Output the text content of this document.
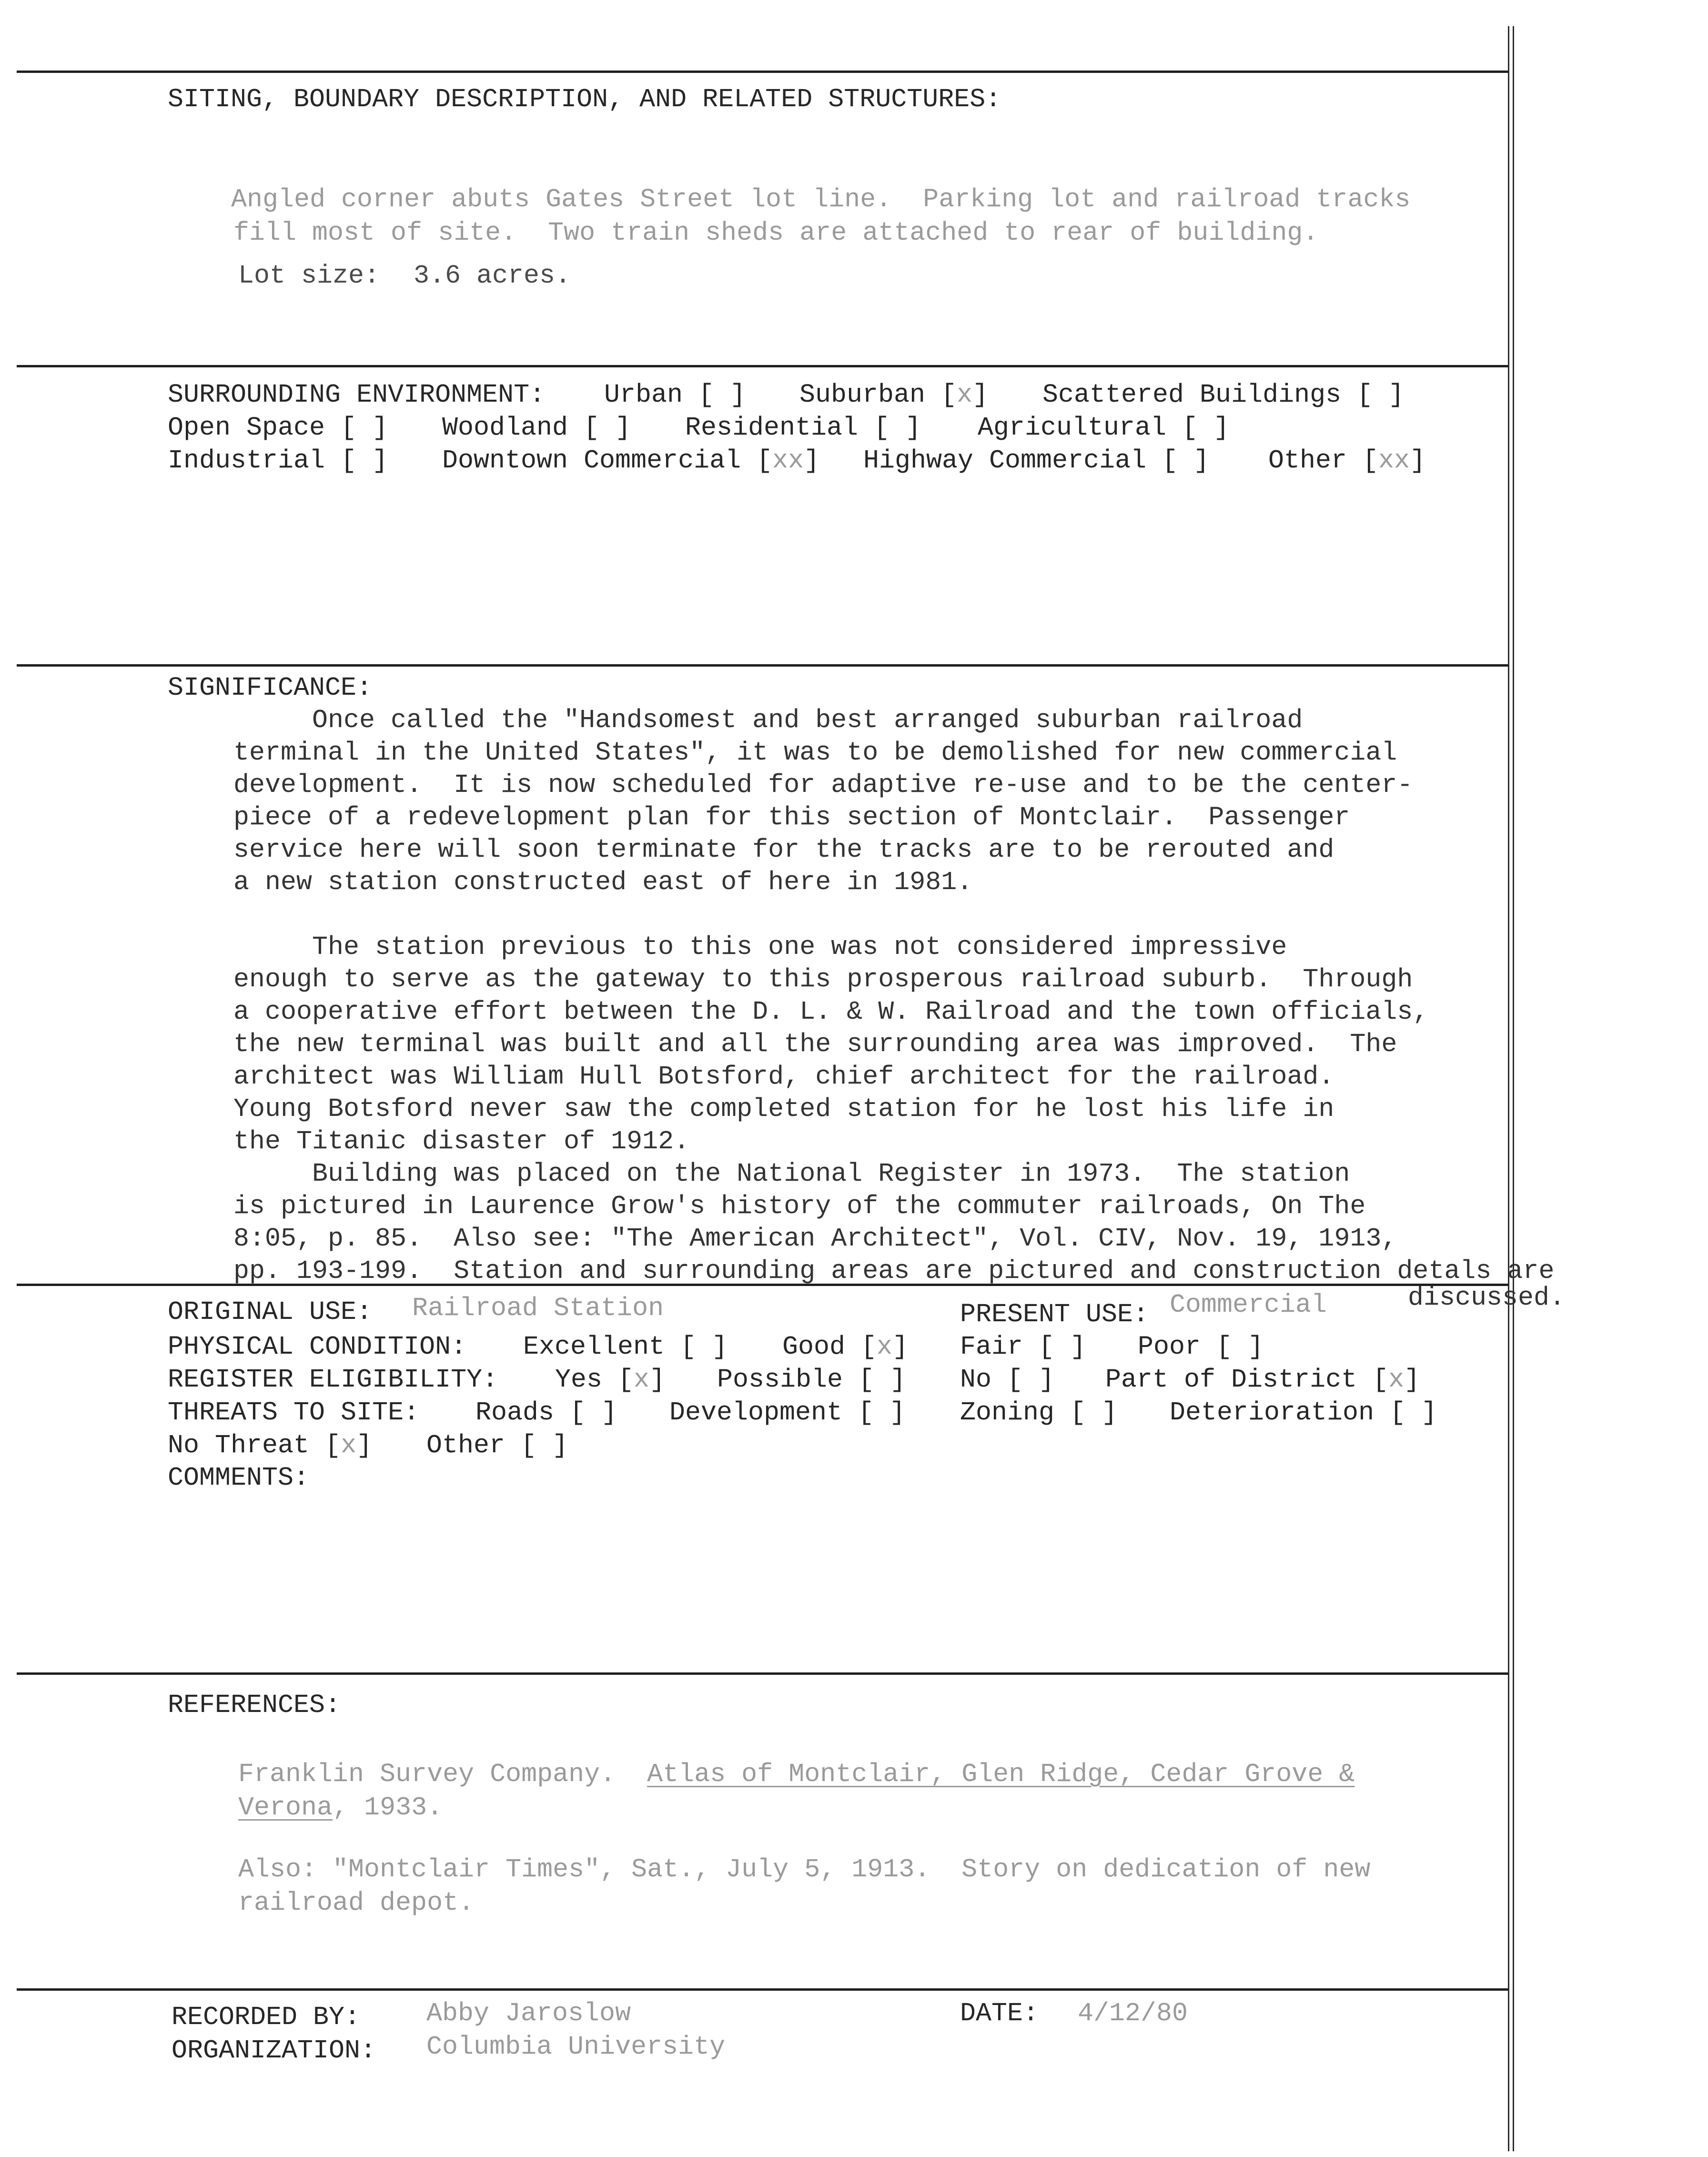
SITING, BOUNDARY DESCRIPTION, AND RELATED STRUCTURES:
Angled corner abuts Gates Street lot line.  Parking lot and railroad tracks
fill most of site.  Two train sheds are attached to rear of building.
Lot size: 3.6 acres.
SURROUNDING ENVIRONMENT: Urban [ ] Suburban [x] Scattered Buildings [ ]
Open Space [ ] Woodland [ ] Residential [ ] Agricultural [ ]
Industrial [ ] Downtown Commercial [xx] Highway Commercial [ ] Other [xx]
SIGNIFICANCE:
Once called the "Handsomest and best arranged suburban railroad
terminal in the United States", it was to be demolished for new commercial
development.  It is now scheduled for adaptive re-use and to be the center-
piece of a redevelopment plan for this section of Montclair.  Passenger
service here will soon terminate for the tracks are to be rerouted and
a new station constructed east of here in 1981.
The station previous to this one was not considered impressive
enough to serve as the gateway to this prosperous railroad suburb.  Through
a cooperative effort between the D. L. & W. Railroad and the town officials,
the new terminal was built and all the surrounding area was improved.  The
architect was William Hull Botsford, chief architect for the railroad.
Young Botsford never saw the completed station for he lost his life in
the Titanic disaster of 1912.
Building was placed on the National Register in 1973.  The station
is pictured in Laurence Grow's history of the commuter railroads, On The
8:05, p. 85.  Also see: "The American Architect", Vol. CIV, Nov. 19, 1913,
pp. 193-199.  Station and surrounding areas are pictured and construction detals are
discussed.
ORIGINAL USE: Railroad Station	PRESENT USE: Commercial
PHYSICAL CONDITION: Excellent [ ] Good [x] Fair [ ] Poor [ ]
REGISTER ELIGIBILITY: Yes [x] Possible [ ] No [ ] Part of District [x]
THREATS TO SITE: Roads [ ] Development [ ] Zoning [ ] Deterioration [ ]
No Threat [x] Other [ ]
COMMENTS:
REFERENCES:
Franklin Survey Company.  Atlas of Montclair, Glen Ridge, Cedar Grove &
Verona, 1933.
Also: "Montclair Times", Sat., July 5, 1913.  Story on dedication of new
railroad depot.
RECORDED BY:	Abby Jaroslow	DATE: 4/12/80
ORGANIZATION: Columbia University
